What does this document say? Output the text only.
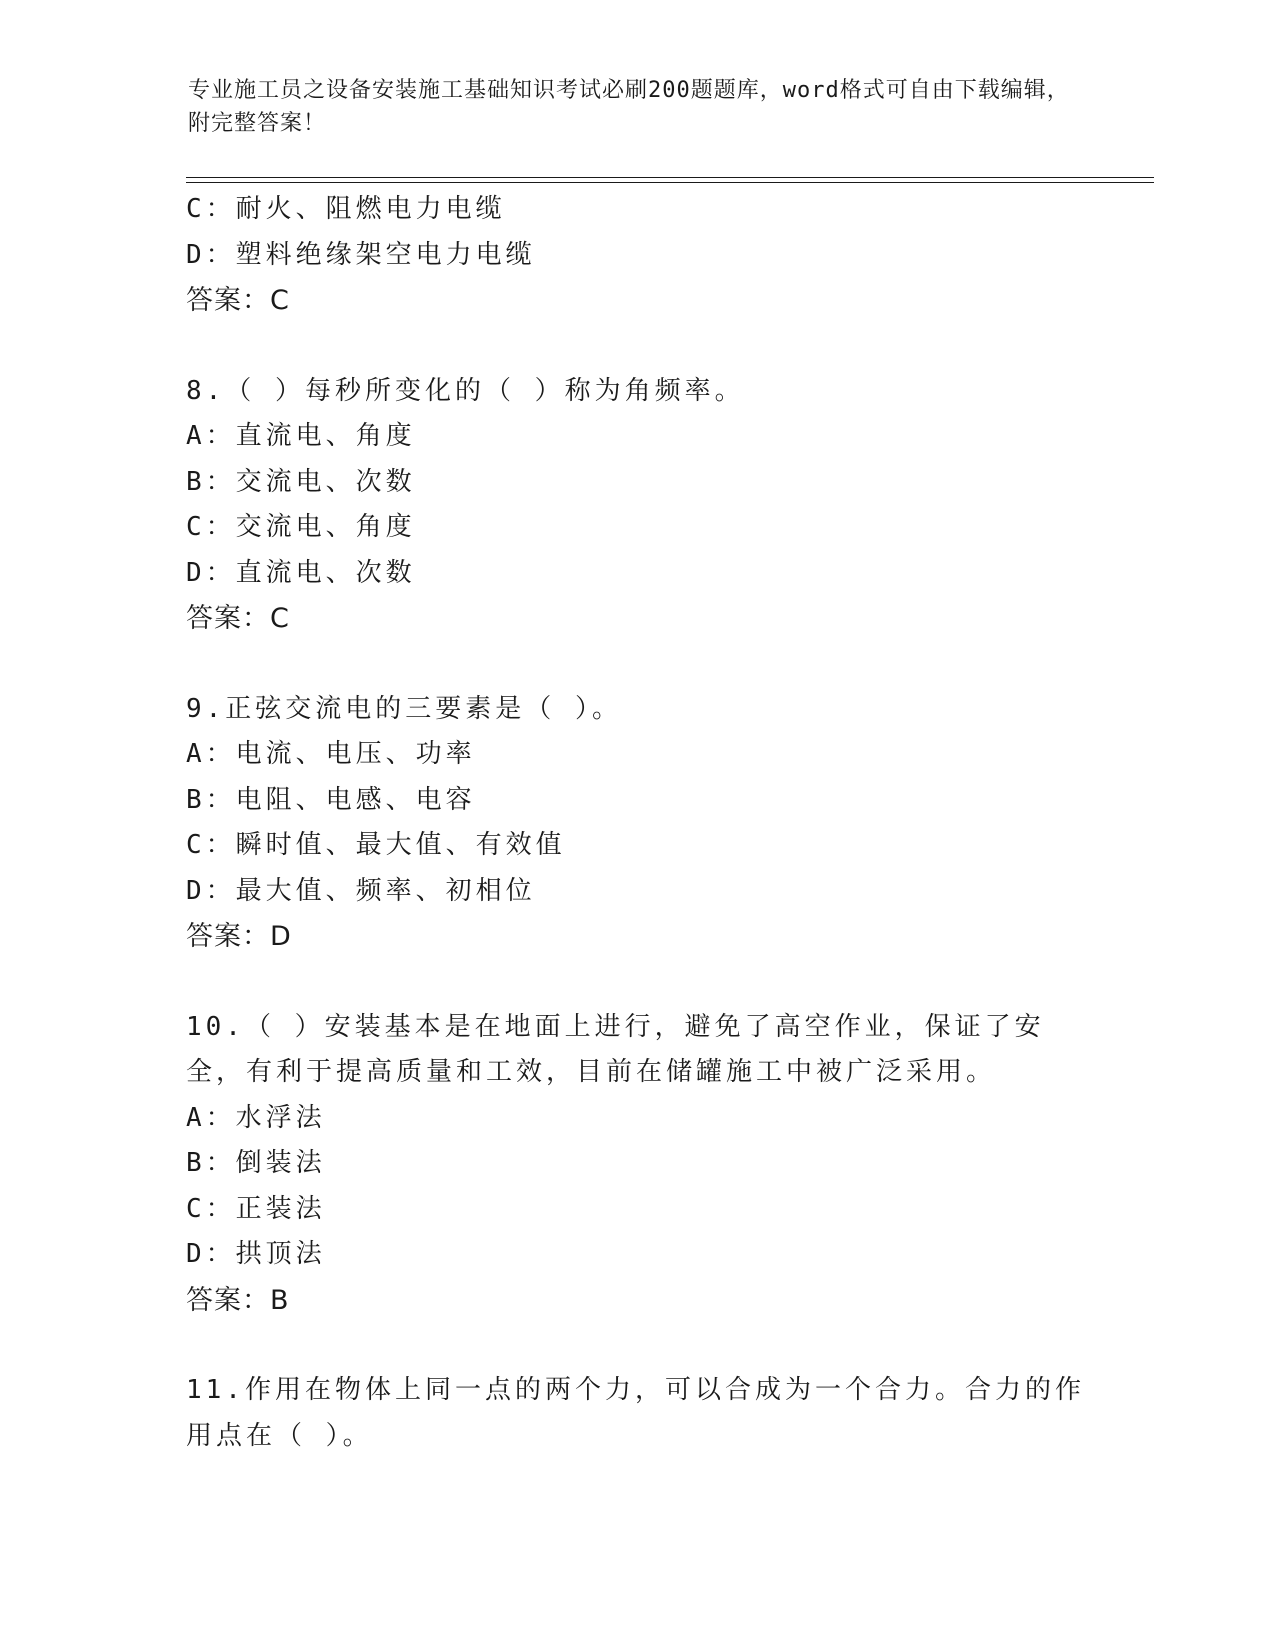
专业施工员之设备安装施工基础知识考试必刷200题题库，word格式可自由下载编辑，附完整答案！
C：耐火、阻燃电力电缆
D：塑料绝缘架空电力电缆
答案：C
8.（ ）每秒所变化的（ ）称为角频率。
A：直流电、角度
B：交流电、次数
C：交流电、角度
D：直流电、次数
答案：C
9.正弦交流电的三要素是（ ）。
A：电流、电压、功率
B：电阻、电感、电容
C：瞬时值、最大值、有效值
D：最大值、频率、初相位
答案：D
10.（ ）安装基本是在地面上进行，避免了高空作业，保证了安全，有利于提高质量和工效，目前在储罐施工中被广泛采用。
A：水浮法
B：倒装法
C：正装法
D：拱顶法
答案：B
11.作用在物体上同一点的两个力，可以合成为一个合力。合力的作用点在（ ）。
